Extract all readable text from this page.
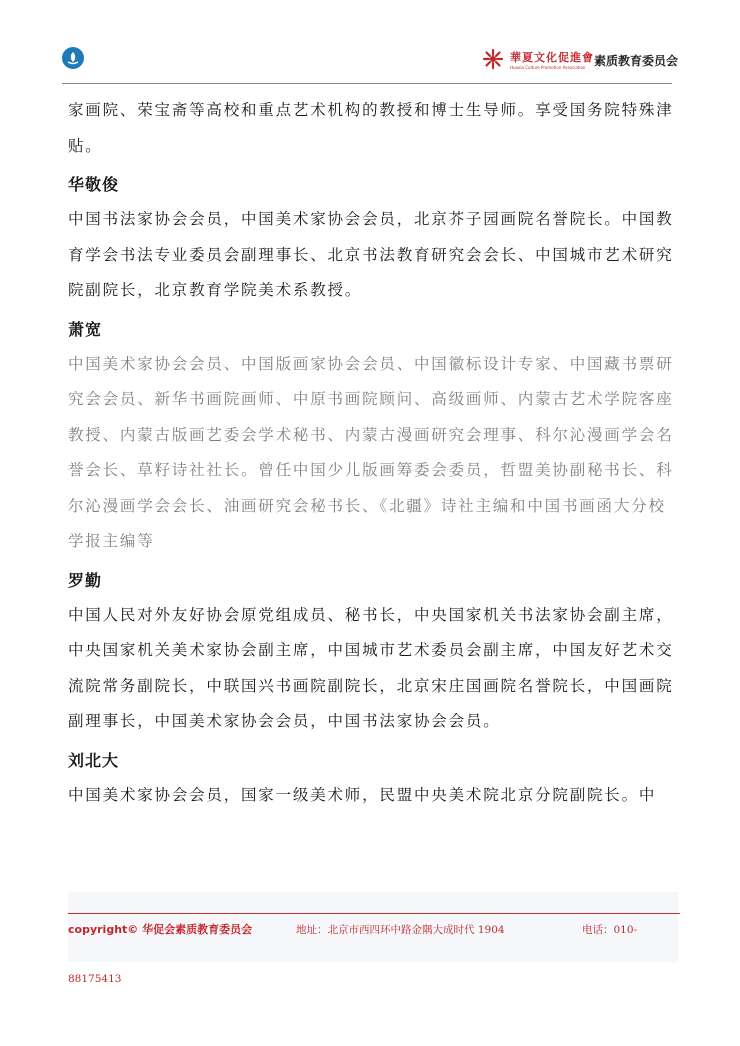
華夏文化促進會
Huaxia Culture Promotion Association 素质教育委员会

家画院、荣宝斋等高校和重点艺术机构的教授和博士生导师。享受国务院特殊津贴。

华敬俊

中国书法家协会会员，中国美术家协会会员，北京芥子园画院名誉院长。中国教育学会书法专业委员会副理事长、北京书法教育研究会会长、中国城市艺术研究院副院长，北京教育学院美术系教授。

萧宽

中国美术家协会会员、中国版画家协会会员、中国徽标设计专家、中国藏书票研究会会员、新华书画院画师、中原书画院顾问、高级画师、内蒙古艺术学院客座教授、内蒙古版画艺委会学术秘书、内蒙古漫画研究会理事、科尔沁漫画学会名誉会长、草籽诗社社长。曾任中国少儿版画筹委会委员，哲盟美协副秘书长、科尔沁漫画学会会长、油画研究会秘书长、《北疆》诗社主编和中国书画函大分校学报主编等

罗勤

中国人民对外友好协会原党组成员、秘书长，中央国家机关书法家协会副主席，中央国家机关美术家协会副主席，中国城市艺术委员会副主席，中国友好艺术交流院常务副院长，中联国兴书画院副院长，北京宋庄国画院名誉院长，中国画院副理事长，中国美术家协会会员，中国书法家协会会员。

刘北大

中国美术家协会会员，国家一级美术师，民盟中央美术院北京分院副院长。中

copyright© 华促会素质教育委员会	地址：北京市西四环中路金隅大成时代 1904	电话：010-
88175413
